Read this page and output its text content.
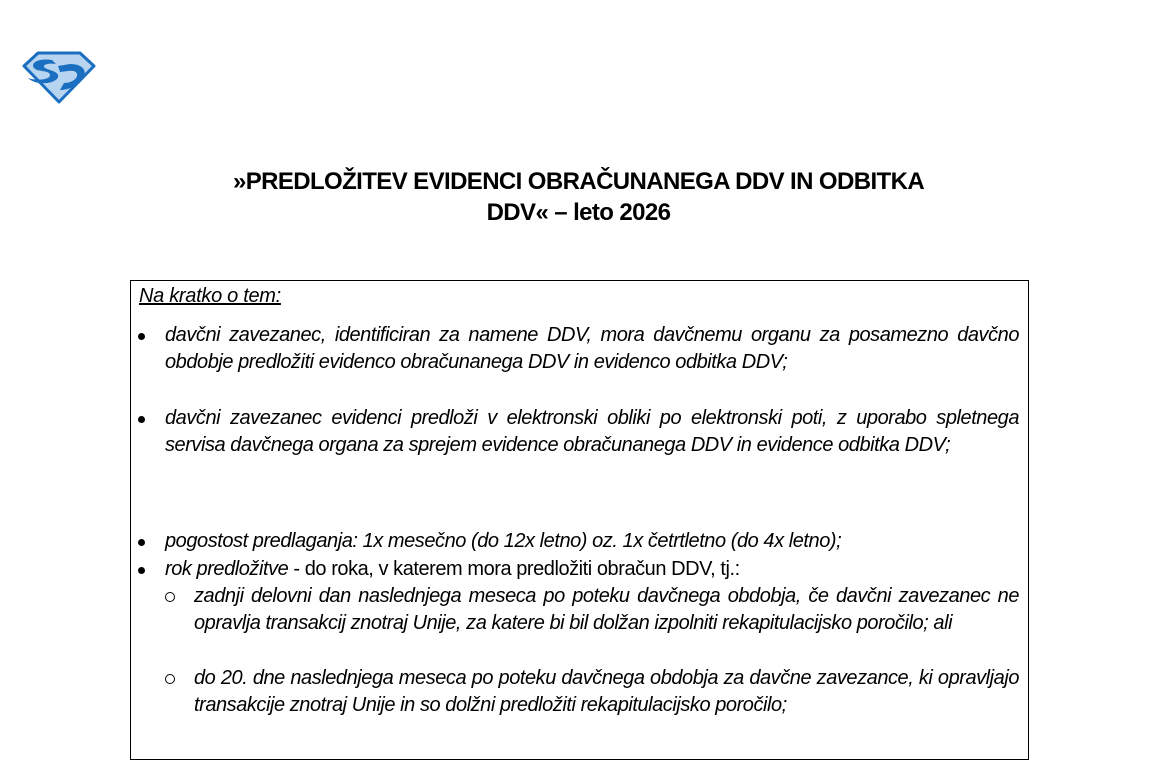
»PREDLOŽITEV EVIDENCI OBRAČUNANEGA DDV IN ODBITKA
DDV« – leto 2026
Na kratko o tem:
davčni zavezanec, identificiran za namene DDV, mora davčnemu organu za posamezno davčno obdobje predložiti evidenco obračunanega DDV in evidenco odbitka DDV;
davčni zavezanec evidenci predloži v elektronski obliki po elektronski poti, z uporabo spletnega servisa davčnega organa za sprejem evidence obračunanega DDV in evidence odbitka DDV;
pogostost predlaganja: 1x mesečno (do 12x letno) oz. 1x četrtletno (do 4x letno);
rok predložitve - do roka, v katerem mora predložiti obračun DDV, tj.:
zadnji delovni dan naslednjega meseca po poteku davčnega obdobja, če davčni zavezanec ne opravlja transakcij znotraj Unije, za katere bi bil dolžan izpolniti rekapitulacijsko poročilo; ali
do 20. dne naslednjega meseca po poteku davčnega obdobja za davčne zavezance, ki opravljajo transakcije znotraj Unije in so dolžni predložiti rekapitulacijsko poročilo;
